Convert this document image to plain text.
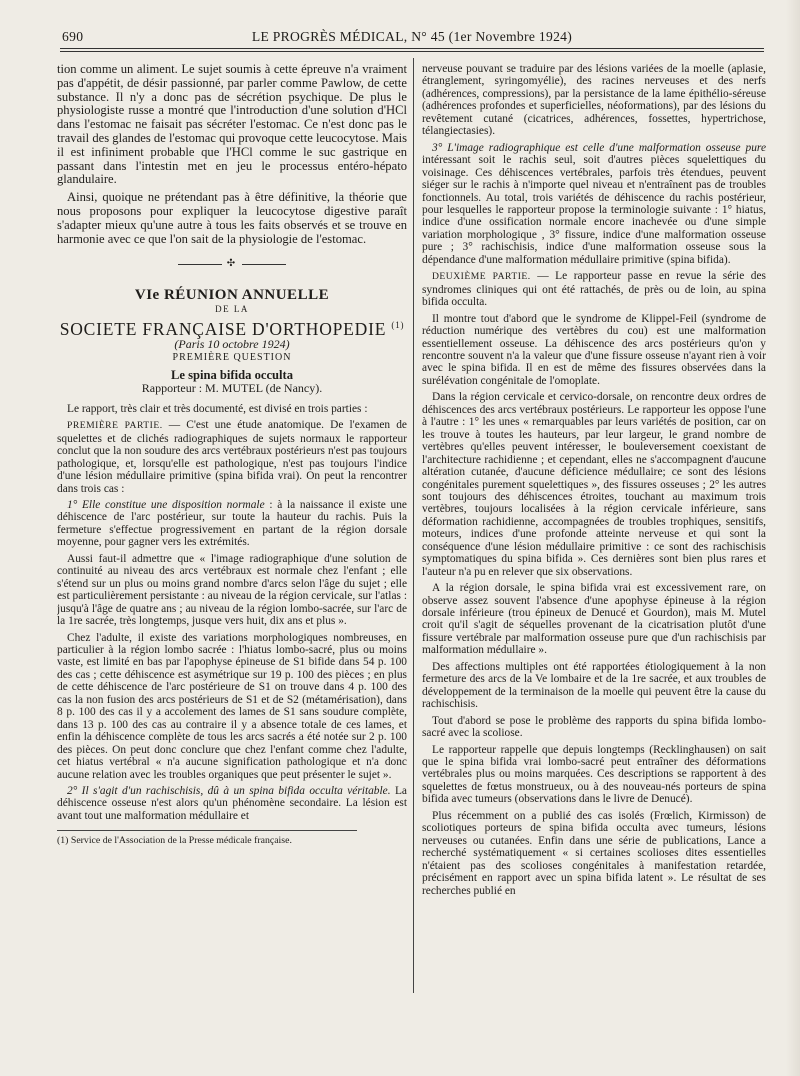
690	LE PROGRÈS MÉDICAL, N° 45 (1er Novembre 1924)

tion comme un aliment. Le sujet soumis à cette épreuve n'a vraiment pas d'appétit, de désir passionné, par parler comme Pawlow, de cette substance. Il n'y a donc pas de sécrétion psychique. De plus le physiologiste russe a montré que l'introduction d'une solution d'HCl dans l'estomac ne faisait pas sécréter l'estomac. Ce n'est donc pas le travail des glandes de l'estomac qui provoque cette leucocytose. Mais il est infiniment probable que l'HCl comme le suc gastrique en passant dans l'intestin met en jeu le processus entéro-hépato glandulaire.

Ainsi, quoique ne prétendant pas à être définitive, la théorie que nous proposons pour expliquer la leucocytose digestive paraît s'adapter mieux qu'une autre à tous les faits observés et se trouve en harmonie avec ce que l'on sait de la physiologie de l'estomac.

✣
VIe RÉUNION ANNUELLE
DE LA
SOCIETE FRANÇAISE D'ORTHOPEDIE $^{(1)}$
(Paris 10 octobre 1924)
PREMIÈRE QUESTION
Le spina bifida occulta
Rapporteur : M. MUTEL (de Nancy).

Le rapport, très clair et très documenté, est divisé en trois parties :

PREMIÈRE PARTIE. — C'est une étude anatomique. De l'examen de squelettes et de clichés radiographiques de sujets normaux le rapporteur conclut que la non soudure des arcs vertébraux postérieurs n'est pas toujours pathologique, et, lorsqu'elle est pathologique, n'est pas toujours l'indice d'une lésion médullaire primitive (spina bifida vrai). On peut la rencontrer dans trois cas :

1° Elle constitue une disposition normale : à la naissance il existe une déhiscence de l'arc postérieur, sur toute la hauteur du rachis. Puis la fermeture s'effectue progressivement en partant de la région dorsale moyenne, pour gagner vers les extrémités.

Aussi faut-il admettre que « l'image radiographique d'une solution de continuité au niveau des arcs vertébraux est normale chez l'enfant ; elle s'étend sur un plus ou moins grand nombre d'arcs selon l'âge du sujet ; elle est particulièrement persistante : au niveau de la région cervicale, sur l'atlas : jusqu'à l'âge de quatre ans ; au niveau de la région lombo-sacrée, sur l'arc de la 1re sacrée, très longtemps, jusque vers huit, dix ans et plus ».

Chez l'adulte, il existe des variations morphologiques nombreuses, en particulier à la région lombo sacrée : l'hiatus lombo-sacré, plus ou moins vaste, est limité en bas par l'apophyse épineuse de S1 bifide dans 54 p. 100 des cas ; cette déhiscence est asymétrique sur 19 p. 100 des pièces ; en plus de cette déhiscence de l'arc postérieure de S1 on trouve dans 4 p. 100 des cas la non fusion des arcs postérieurs de S1 et de S2 (métamérisation), dans 8 p. 100 des cas il y a accolement des lames de S1 sans soudure complète, dans 13 p. 100 des cas au contraire il y a absence totale de ces lames, et enfin la déhiscence complète de tous les arcs sacrés a été notée sur 2 p. 100 des pièces. On peut donc conclure que chez l'enfant comme chez l'adulte, cet hiatus vertébral « n'a aucune signification pathologique et n'a donc aucune relation avec les troubles organiques que peut présenter le sujet ».

2° Il s'agit d'un rachischisis, dû à un spina bifida occulta véritable. La déhiscence osseuse n'est alors qu'un phénomène secondaire. La lésion est avant tout une malformation médullaire et

(1) Service de l'Association de la Presse médicale française.

nerveuse pouvant se traduire par des lésions variées de la moelle (aplasie, étranglement, syringomyélie), des racines nerveuses et des nerfs (adhérences, compressions), par la persistance de la lame épithélio-séreuse (adhérences profondes et superficielles, néoformations), par des lésions du revêtement cutané (cicatrices, adhérences, fossettes, hypertrichose, télangiectasies).

3° L'image radiographique est celle d'une malformation osseuse pure intéressant soit le rachis seul, soit d'autres pièces squelettiques du voisinage. Ces déhiscences vertébrales, parfois très étendues, peuvent siéger sur le rachis à n'importe quel niveau et n'entraînent pas de troubles fonctionnels. Au total, trois variétés de déhiscence du rachis postérieur, pour lesquelles le rapporteur propose la terminologie suivante : 1° hiatus, indice d'une ossification normale encore inachevée ou d'une simple variation morphologique , 3° fissure, indice d'une malformation osseuse pure ; 3° rachischisis, indice d'une malformation osseuse sous la dépendance d'une malformation médullaire primitive (spina bifida).

DEUXIÈME PARTIE. — Le rapporteur passe en revue la série des syndromes cliniques qui ont été rattachés, de près ou de loin, au spina bifida occulta.

Il montre tout d'abord que le syndrome de Klippel-Feil (syndrome de réduction numérique des vertèbres du cou) est une malformation essentiellement osseuse. La déhiscence des arcs postérieurs qu'on y rencontre souvent n'a la valeur que d'une fissure osseuse n'ayant rien à voir avec le spina bifida. Il en est de même des fissures observées dans la surélévation congénitale de l'omoplate.

Dans la région cervicale et cervico-dorsale, on rencontre deux ordres de déhiscences des arcs vertébraux postérieurs. Le rapporteur les oppose l'une à l'autre : 1° les unes « remarquables par leurs variétés de position, car on les trouve à toutes les hauteurs, par leur largeur, le grand nombre de vertèbres qu'elles peuvent intéresser, le bouleversement coexistant de l'architecture rachidienne ; et cependant, elles ne s'accompagnent d'aucune altération cutanée, d'aucune déficience médullaire; ce sont des lésions congénitales purement squelettiques », des fissures osseuses ; 2° les autres sont toujours des déhiscences étroites, touchant au maximum trois vertèbres, toujours localisées à la région cervicale inférieure, sans déformation rachidienne, accompagnées de troubles trophiques, sensitifs, moteurs, indices d'une profonde atteinte nerveuse et qui sont la conséquence d'une lésion médullaire primitive : ce sont des rachischisis symptomatiques du spina bifida ». Ces dernières sont bien plus rares et l'auteur n'a pu en relever que six observations.

A la région dorsale, le spina bifida vrai est excessivement rare, on observe assez souvent l'absence d'une apophyse épineuse à la région dorsale inférieure (trou épineux de Denucé et Gourdon), mais M. Mutel croit qu'il s'agit de séquelles provenant de la cicatrisation plutôt d'une fissure vertébrale par malformation osseuse pure que d'un rachischisis par malformation médullaire ».

Des affections multiples ont été rapportées étiologiquement à la non fermeture des arcs de la Ve lombaire et de la 1re sacrée, et aux troubles de développement de la terminaison de la moelle qui peuvent être la cause du rachischisis.

Tout d'abord se pose le problème des rapports du spina bifida lombo-sacré avec la scoliose.

Le rapporteur rappelle que depuis longtemps (Recklinghausen) on sait que le spina bifida vrai lombo-sacré peut entraîner des déformations vertébrales plus ou moins marquées. Ces descriptions se rapportent à des squelettes de fœtus monstrueux, ou à des nouveau-nés porteurs de spina bifida avec tumeurs (observations dans le livre de Denucé).

Plus récemment on a publié des cas isolés (Frœlich, Kirmisson) de scoliotiques porteurs de spina bifida occulta avec tumeurs, lésions nerveuses ou cutanées. Enfin dans une série de publications, Lance a recherché systématiquement « si certaines scolioses dites essentielles n'étaient pas des scolioses congénitales à manifestation retardée, précisément en rapport avec un spina bifida latent ». Le résultat de ses recherches publié en
